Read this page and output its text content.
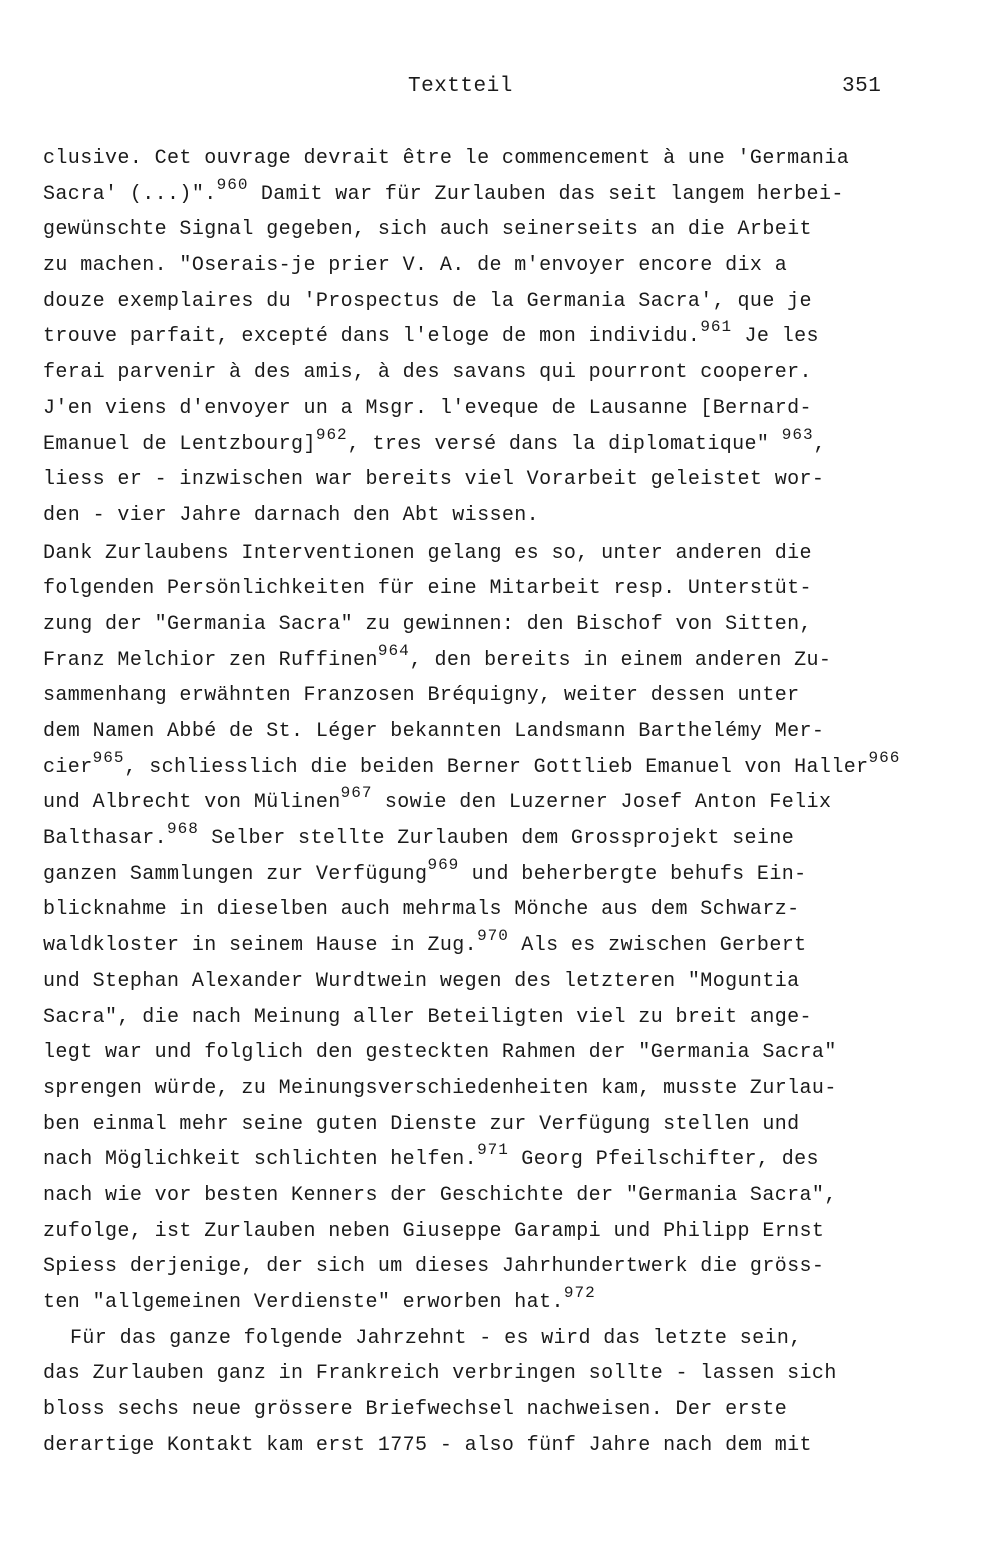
Textteil	351
clusive. Cet ouvrage devrait être le commencement à une 'Germania
Sacra' (...)".$^{960}$ Damit war für Zurlauben das seit langem herbei-
gewünschte Signal gegeben, sich auch seinerseits an die Arbeit
zu machen. "Oserais-je prier V. A. de m'envoyer encore dix a
douze exemplaires du 'Prospectus de la Germania Sacra', que je
trouve parfait, excepté dans l'eloge de mon individu.$^{961}$ Je les
ferai parvenir à des amis, à des savans qui pourront cooperer.
J'en viens d'envoyer un a Msgr. l'eveque de Lausanne [Bernard-
Emanuel de Lentzbourg]$^{962}$, tres versé dans la diplomatique" $^{963}$,
liess er - inzwischen war bereits viel Vorarbeit geleistet wor-
den - vier Jahre darnach den Abt wissen.
Dank Zurlaubens Interventionen gelang es so, unter anderen die
folgenden Persönlichkeiten für eine Mitarbeit resp. Unterstüt-
zung der "Germania Sacra" zu gewinnen: den Bischof von Sitten,
Franz Melchior zen Ruffinen$^{964}$, den bereits in einem anderen Zu-
sammenhang erwähnten Franzosen Bréquigny, weiter dessen unter
dem Namen Abbé de St. Léger bekannten Landsmann Barthelémy Mer-
cier$^{965}$, schliesslich die beiden Berner Gottlieb Emanuel von Haller$^{966}$
und Albrecht von Mülinen$^{967}$ sowie den Luzerner Josef Anton Felix
Balthasar.$^{968}$ Selber stellte Zurlauben dem Grossprojekt seine
ganzen Sammlungen zur Verfügung$^{969}$ und beherbergte behufs Ein-
blicknahme in dieselben auch mehrmals Mönche aus dem Schwarz-
waldkloster in seinem Hause in Zug.$^{970}$ Als es zwischen Gerbert
und Stephan Alexander Wurdtwein wegen des letzteren "Moguntia
Sacra", die nach Meinung aller Beteiligten viel zu breit ange-
legt war und folglich den gesteckten Rahmen der "Germania Sacra"
sprengen würde, zu Meinungsverschiedenheiten kam, musste Zurlau-
ben einmal mehr seine guten Dienste zur Verfügung stellen und
nach Möglichkeit schlichten helfen.$^{971}$ Georg Pfeilschifter, des
nach wie vor besten Kenners der Geschichte der "Germania Sacra",
zufolge, ist Zurlauben neben Giuseppe Garampi und Philipp Ernst
Spiess derjenige, der sich um dieses Jahrhundertwerk die gröss-
ten "allgemeinen Verdienste" erworben hat.$^{972}$
Für das ganze folgende Jahrzehnt - es wird das letzte sein,
das Zurlauben ganz in Frankreich verbringen sollte - lassen sich
bloss sechs neue grössere Briefwechsel nachweisen. Der erste
derartige Kontakt kam erst 1775 - also fünf Jahre nach dem mit
